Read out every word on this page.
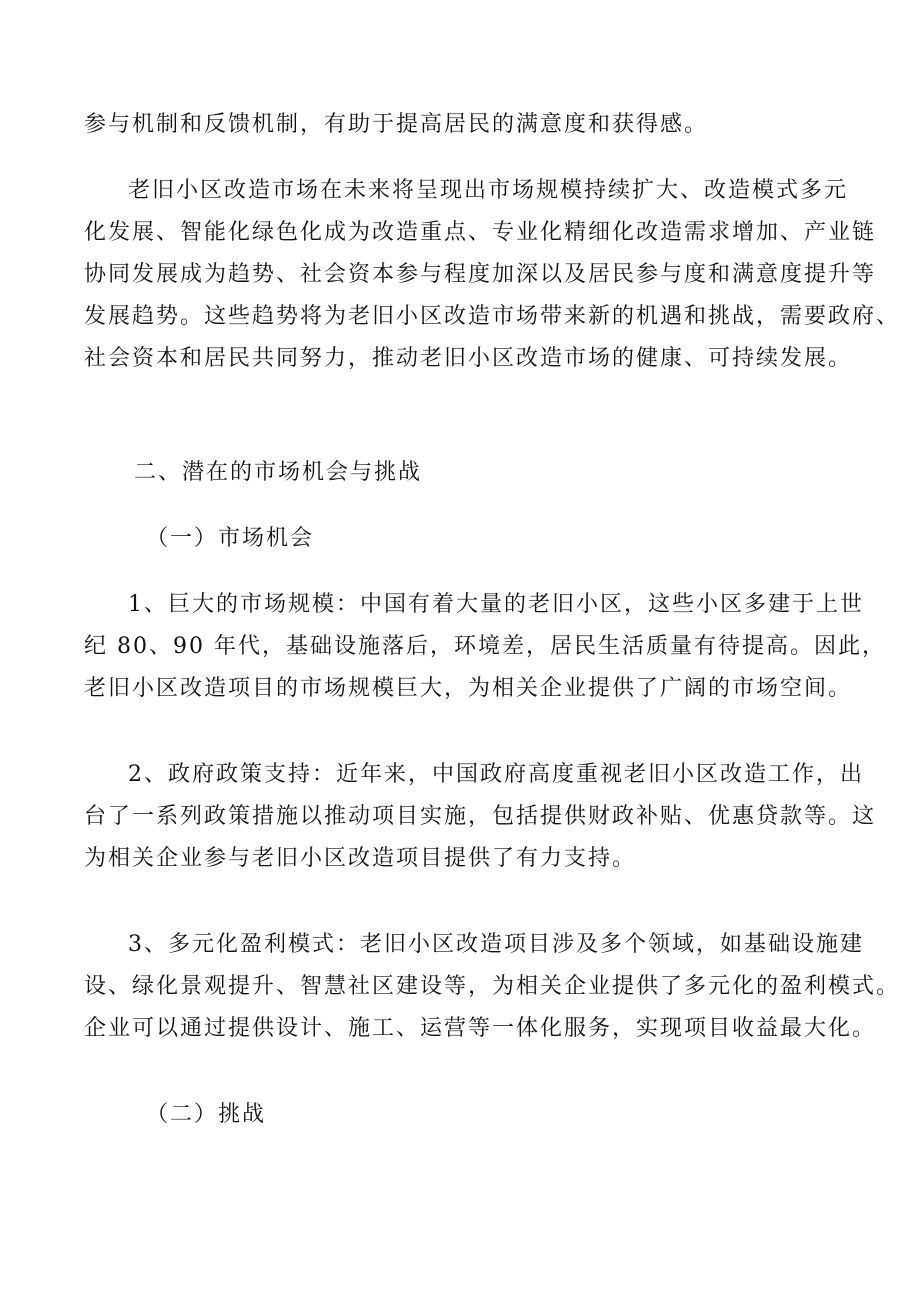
参与机制和反馈机制，有助于提高居民的满意度和获得感。
老旧小区改造市场在未来将呈现出市场规模持续扩大、改造模式多元
化发展、智能化绿色化成为改造重点、专业化精细化改造需求增加、产业链
协同发展成为趋势、社会资本参与程度加深以及居民参与度和满意度提升等
发展趋势。这些趋势将为老旧小区改造市场带来新的机遇和挑战，需要政府、
社会资本和居民共同努力，推动老旧小区改造市场的健康、可持续发展。
二、潜在的市场机会与挑战
（一）市场机会
1、巨大的市场规模：中国有着大量的老旧小区，这些小区多建于上世
纪 80、90 年代，基础设施落后，环境差，居民生活质量有待提高。因此，
老旧小区改造项目的市场规模巨大，为相关企业提供了广阔的市场空间。
2、政府政策支持：近年来，中国政府高度重视老旧小区改造工作，出
台了一系列政策措施以推动项目实施，包括提供财政补贴、优惠贷款等。这
为相关企业参与老旧小区改造项目提供了有力支持。
3、多元化盈利模式：老旧小区改造项目涉及多个领域，如基础设施建
设、绿化景观提升、智慧社区建设等，为相关企业提供了多元化的盈利模式。
企业可以通过提供设计、施工、运营等一体化服务，实现项目收益最大化。
（二）挑战
